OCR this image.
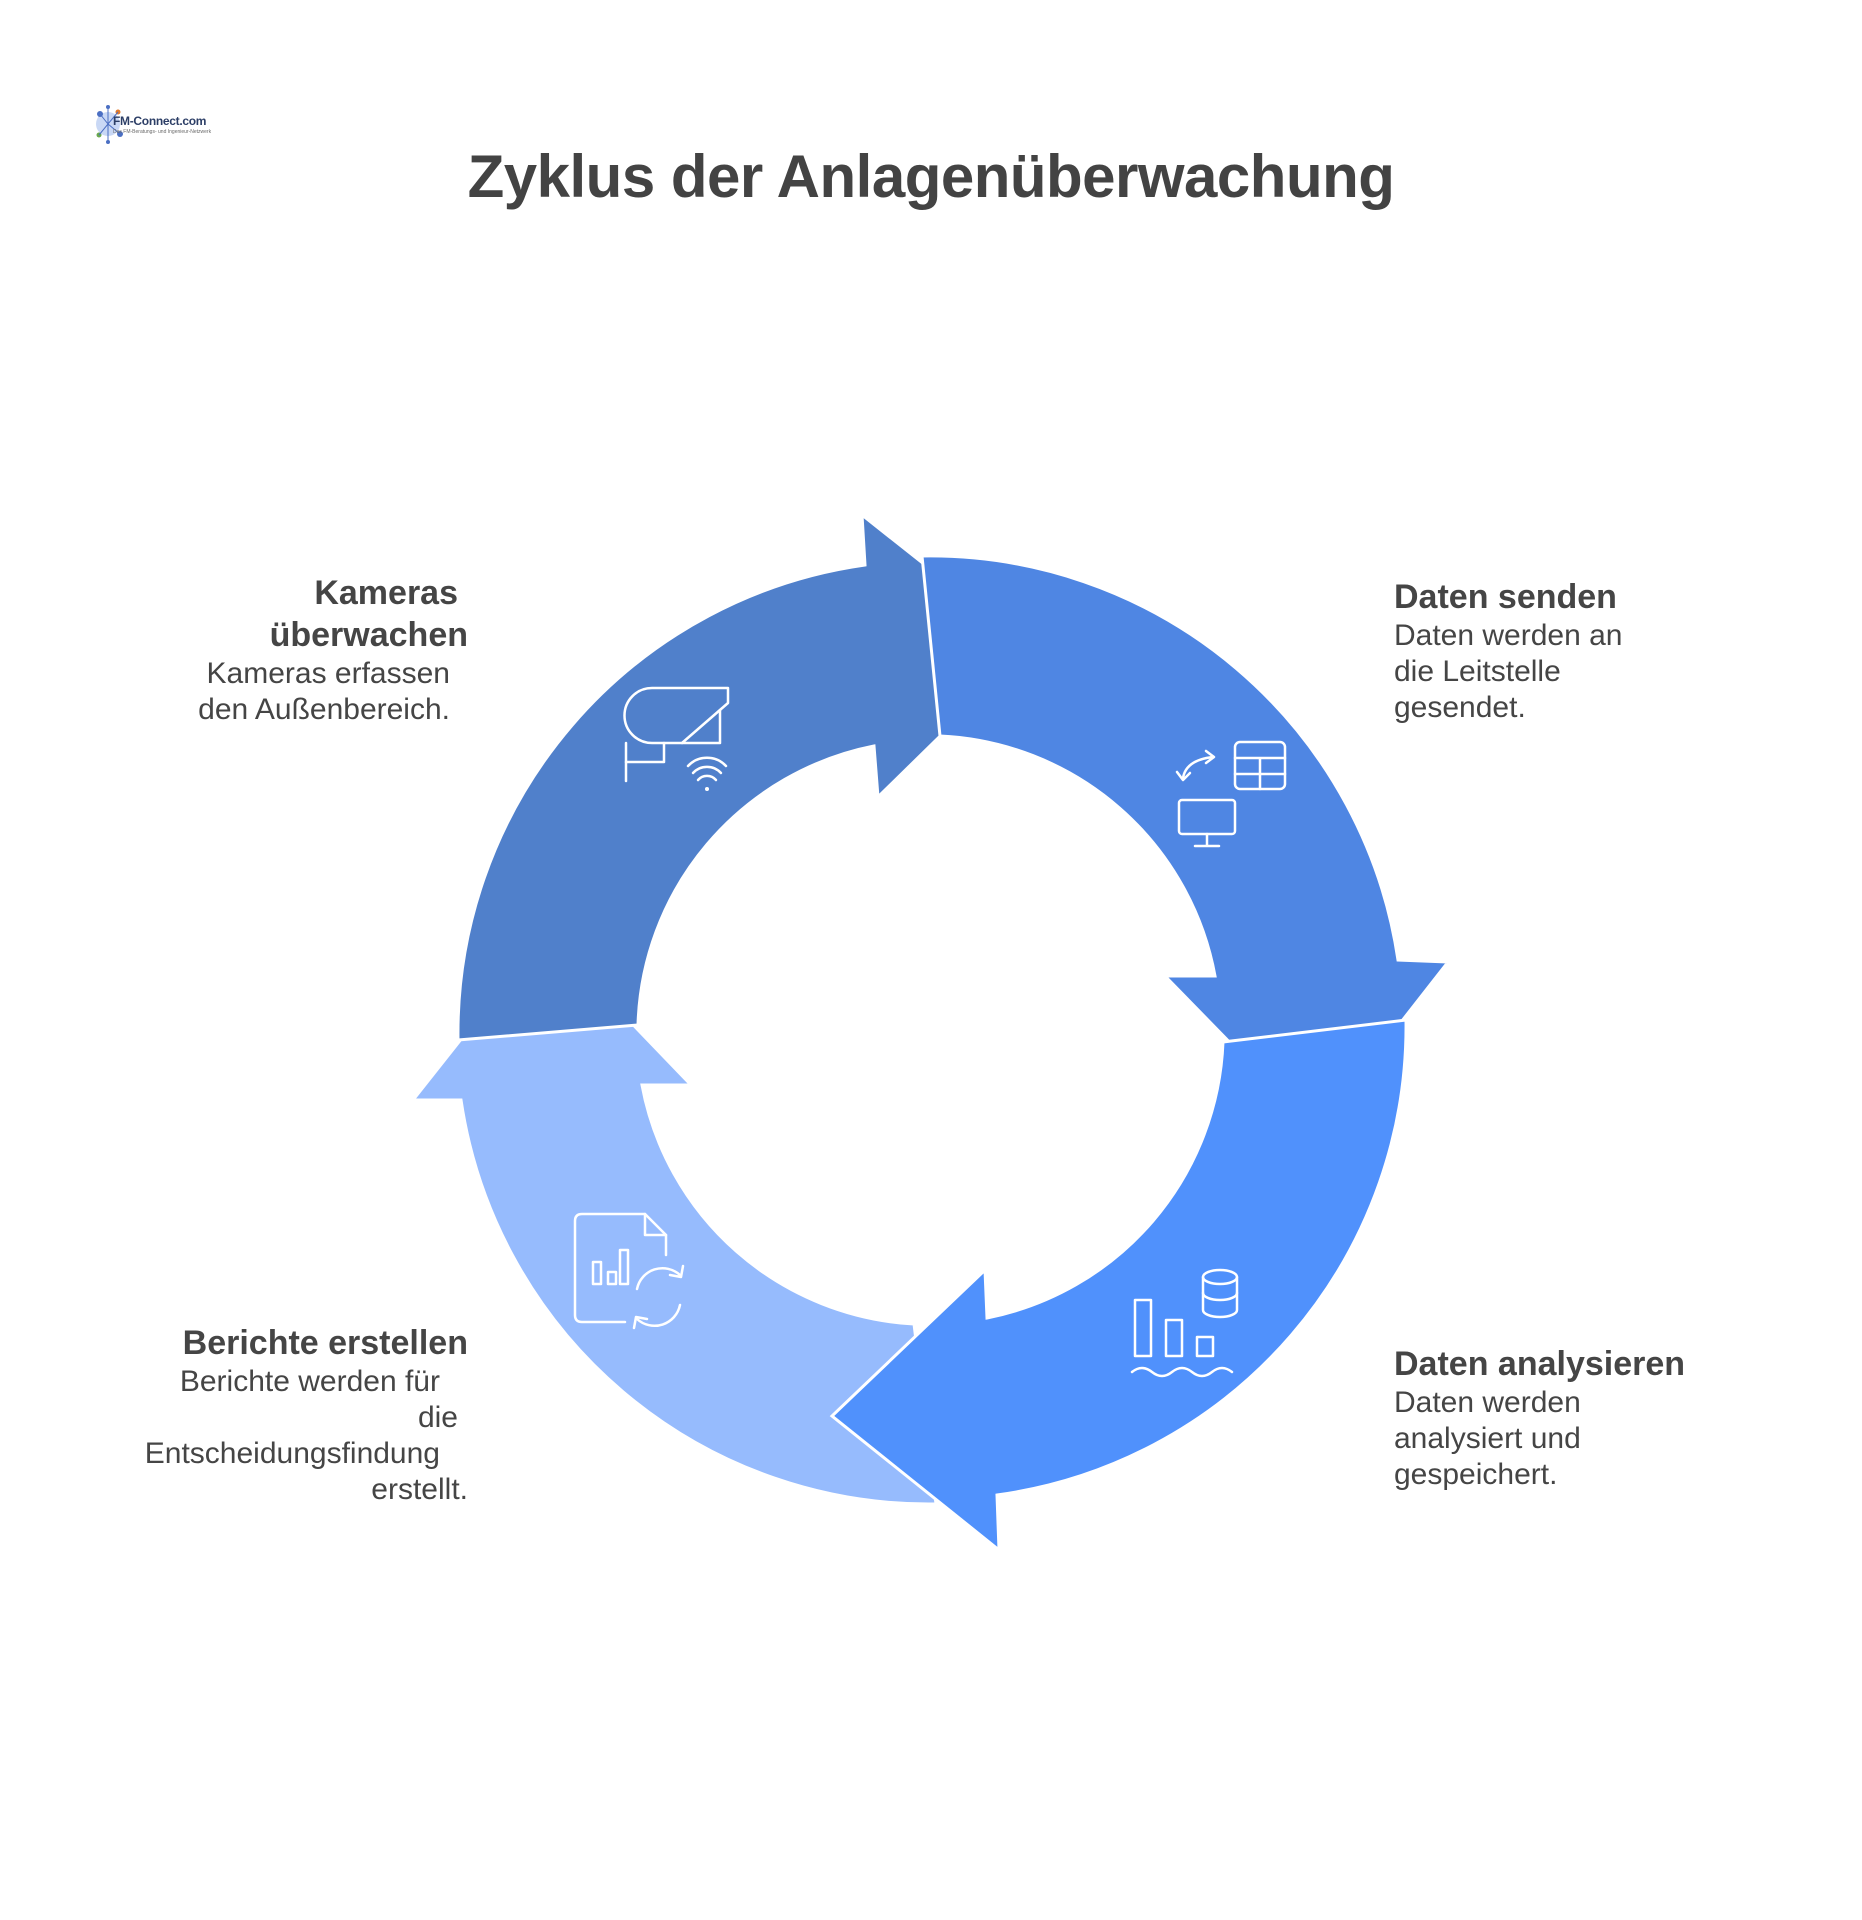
FM-Connect.com
Das FM-Beratungs- und Ingenieur-Netzwerk
Zyklus der Anlagenüberwachung
Kameras
überwachen
Kameras erfassen
den Außenbereich.
Daten senden
Daten werden an
die Leitstelle
gesendet.
Daten analysieren
Daten werden
analysiert und
gespeichert.
Berichte erstellen
Berichte werden für
die
Entscheidungsfindung
erstellt.
